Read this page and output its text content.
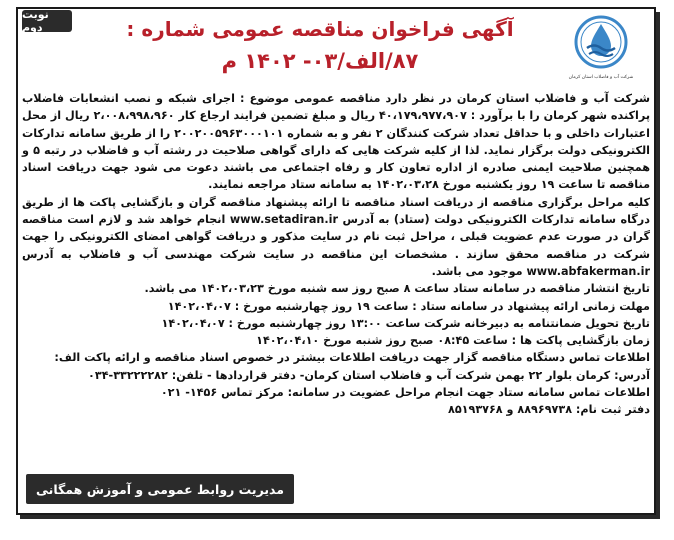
نوبت دوم
شرکت آب و فاضلاب استان کرمان
آگهی فراخوان مناقصه عمومی شماره :
۸۷/الف/۰۳- ۱۴۰۲ م

شرکت آب و فاضلاب استان کرمان در نظر دارد مناقصه عمومی موضوع : اجرای شبکه و نصب انشعابات فاضلاب پراکنده شهر کرمان را با برآورد : ۴۰،۱۷۹،۹۷۷،۹۰۷ ریال و مبلغ تضمین فرایند ارجاع کار ۲،۰۰۸،۹۹۸،۹۶۰ ریال از محل اعتبارات داخلی و با حداقل تعداد شرکت کنندگان ۲ نفر و به شماره ۲۰۰۲۰۰۵۹۶۳۰۰۰۱۰۱ را از طریق سامانه تدارکات الکترونیکی دولت برگزار نماید. لذا از کلیه شرکت هایی که دارای گواهی صلاحیت در رشته آب و فاضلاب در رتبه ۵ و همچنین صلاحیت ایمنی صادره از اداره تعاون کار و رفاه اجتماعی می باشند دعوت می شود جهت دریافت اسناد مناقصه تا ساعت ۱۹ روز یکشنبه مورخ ۱۴۰۲،۰۳،۲۸ به سامانه ستاد مراجعه نمایند.

کلیه مراحل برگزاری مناقصه از دریافت اسناد مناقصه تا ارائه پیشنهاد مناقصه گران و بازگشایی پاکت ها از طریق درگاه سامانه تدارکات الکترونیکی دولت (ستاد) به آدرس www.setadiran.ir انجام خواهد شد و لازم است مناقصه گران در صورت عدم عضویت قبلی ، مراحل ثبت نام در سایت مذکور و دریافت گواهی امضای الکترونیکی را جهت شرکت در مناقصه محقق سازند . مشخصات این مناقصه در سایت شرکت مهندسی آب و فاضلاب به آدرس www.abfakerman.ir موجود می باشد.

تاریخ انتشار مناقصه در سامانه ستاد ساعت ۸ صبح روز سه شنبه مورخ ۱۴۰۲،۰۳،۲۳ می باشد.

مهلت زمانی ارائه پیشنهاد در سامانه ستاد : ساعت ۱۹ روز چهارشنبه مورخ : ۱۴۰۲،۰۴،۰۷

تاریخ تحویل ضمانتنامه به دبیرخانه شرکت ساعت ۱۳:۰۰ روز چهارشنبه مورخ : ۱۴۰۲،۰۴،۰۷

زمان بازگشایی پاکت ها : ساعت ۰۸:۴۵ صبح روز شنبه مورخ ۱۴۰۲،۰۴،۱۰

اطلاعات تماس دستگاه مناقصه گزار جهت دریافت اطلاعات بیشتر در خصوص اسناد مناقصه و ارائه پاکت الف:

آدرس: کرمان بلوار ۲۲ بهمن شرکت آب و فاضلاب استان کرمان- دفتر قراردادها - تلفن: ۳۳۲۲۲۲۸۲-۰۳۴

اطلاعات تماس سامانه ستاد جهت انجام مراحل عضویت در سامانه: مرکز تماس ۱۴۵۶- ۰۲۱

دفتر ثبت نام: ۸۸۹۶۹۷۳۸ و ۸۵۱۹۳۷۶۸

مدیریت روابط عمومی و آموزش همگانی
